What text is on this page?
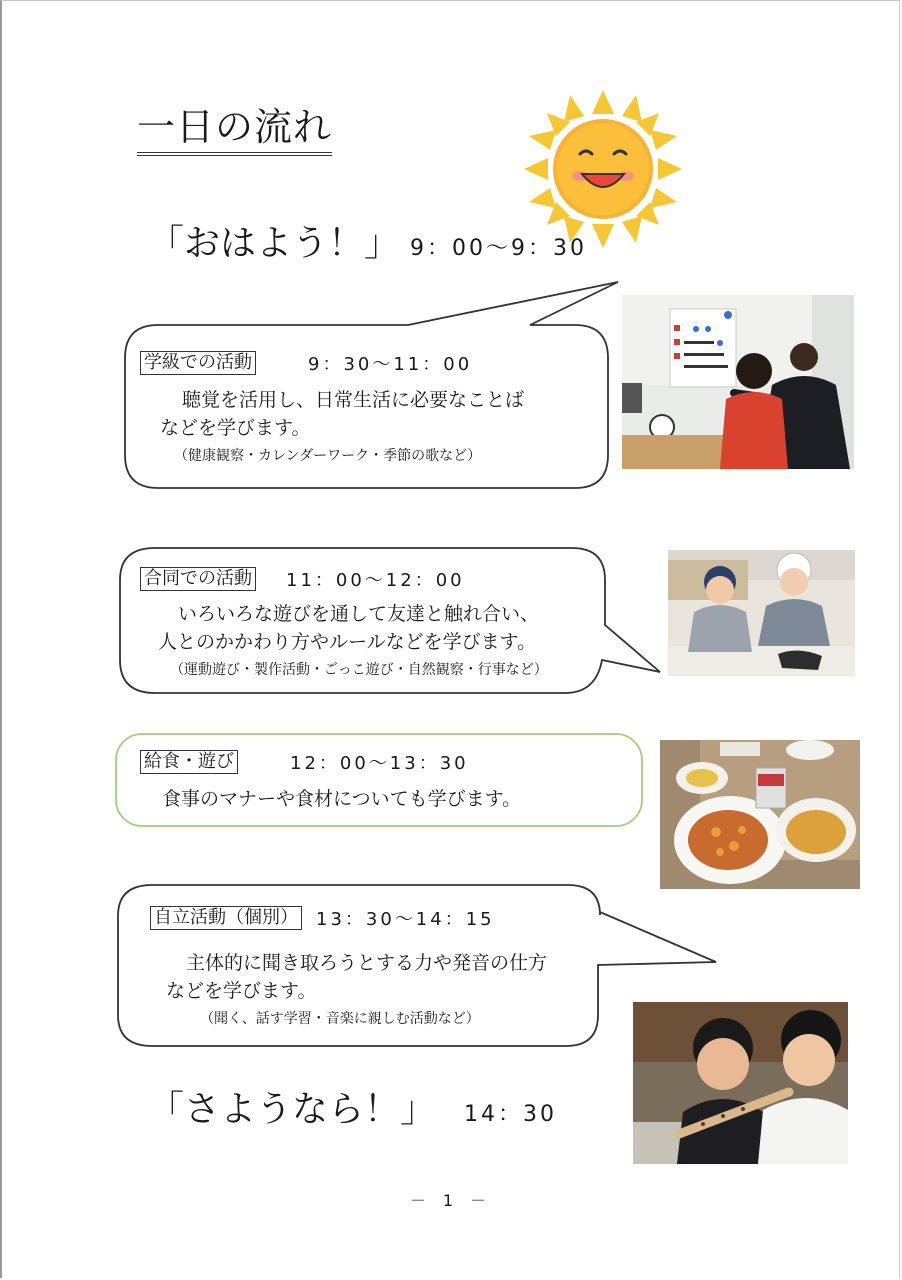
一日の流れ
「おはよう！」 9：00～9：30
学級での活動	9：30～11：00
聴覚を活用し、日常生活に必要なことば
などを学びます。
（健康観察・カレンダーワーク・季節の歌など）
合同での活動 11：00～12：00
いろいろな遊びを通して友達と触れ合い、
人とのかかわり方やルールなどを学びます。
（運動遊び・製作活動・ごっこ遊び・自然観察・行事など）
給食・遊び	12：00～13：30
食事のマナーや食材についても学びます。
自立活動（個別） 13：30～14：15
主体的に聞き取ろうとする力や発音の仕方
などを学びます。
（聞く、話す学習・音楽に親しむ活動など）
「さようなら！」 14：30
－ 1 －
